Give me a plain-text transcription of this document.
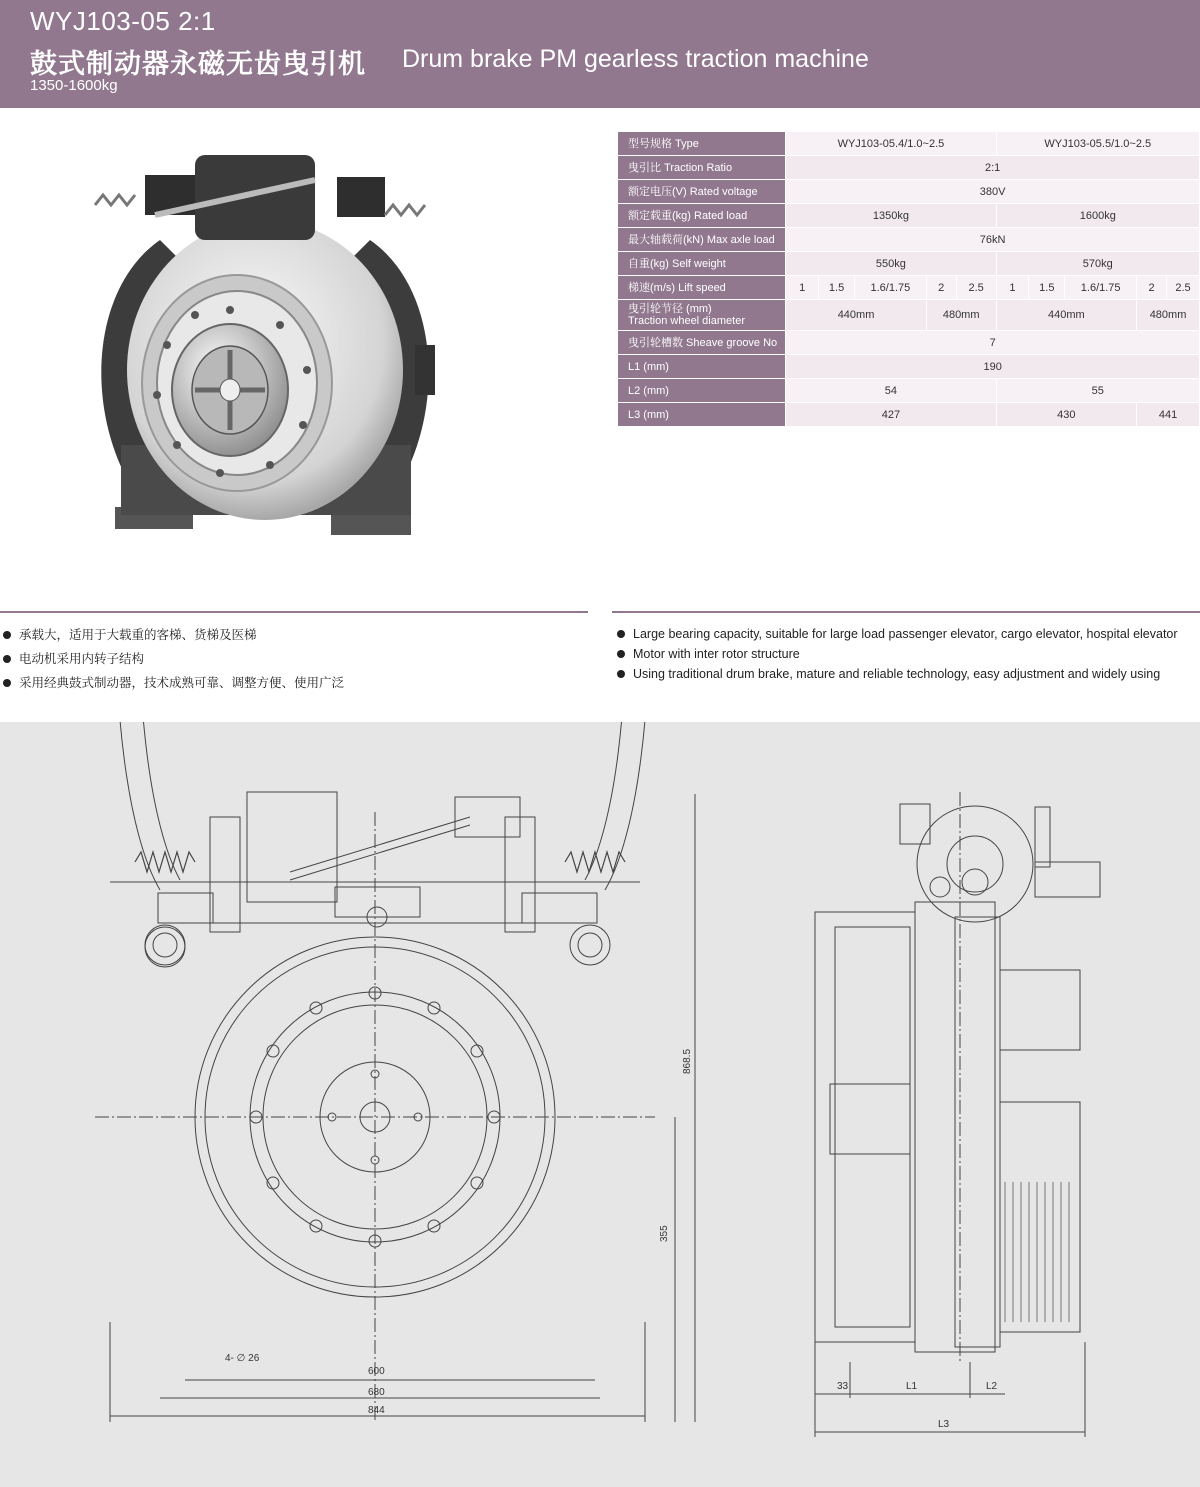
WYJ103-05 2:1
鼓式制动器永磁无齿曳引机 Drum brake PM gearless traction machine
1350-1600kg
型号规格 Type	WYJ103-05.4/1.0~2.5					WYJ103-05.5/1.0~2.5				
曳引比 Traction Ratio	2:1									
额定电压(V) Rated voltage	380V									
额定载重(kg) Rated load	1350kg					1600kg				
最大轴载荷(kN) Max axle load	76kN									
自重(kg) Self weight	550kg					570kg				
梯速(m/s) Lift speed	1	1.5	1.6/1.75	2	2.5	1	1.5	1.6/1.75	2	2.5
曳引轮节径 (mm)
Traction wheel diameter	440mm			480mm		440mm			480mm	
曳引轮槽数 Sheave groove No	7									
L1 (mm)	190									
L2 (mm)	54					55				
L3 (mm)	427					430			441	
承载大，适用于大载重的客梯、货梯及医梯
电动机采用内转子结构
采用经典鼓式制动器，技术成熟可靠、调整方便、使用广泛
Large bearing capacity, suitable for large load passenger elevator, cargo elevator, hospital elevator
Motor with inter rotor structure
Using traditional drum brake, mature and reliable technology, easy adjustment and widely using
868.5
355
4- ∅ 26
600
680
844
33	L1	L2
L3
